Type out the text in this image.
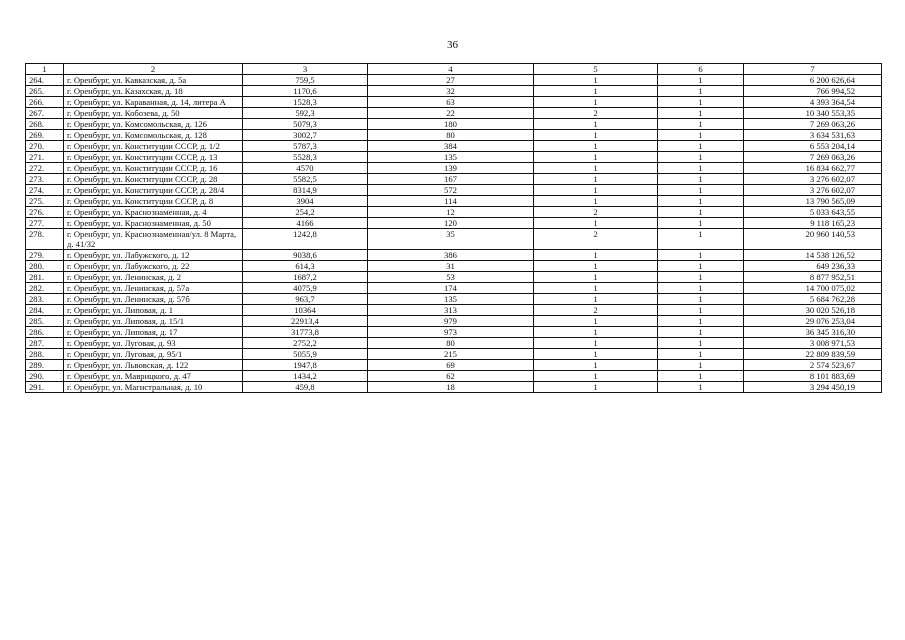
36
1	2	3	4	5	6	7
264.	г. Оренбург, ул. Кавказская, д. 5а	759,5	27	1	1	6 200 626,64
265.	г. Оренбург, ул. Казахская, д. 18	1170,6	32	1	1	766 994,52
266.	г. Оренбург, ул. Караванная, д. 14, литера А	1528,3	63	1	1	4 393 364,54
267.	г. Оренбург, ул. Кобозева, д. 50	592,3	22	2	1	10 340 553,35
268.	г. Оренбург, ул. Комсомольская, д. 126	5079,3	180	1	1	7 269 063,26
269.	г. Оренбург, ул. Комсомольская, д. 128	3002,7	80	1	1	3 634 531,63
270.	г. Оренбург, ул. Конституции СССР, д. 1/2	5787,3	384	1	1	6 553 204,14
271.	г. Оренбург, ул. Конституции СССР, д. 13	5528,3	135	1	1	7 269 063,26
272.	г. Оренбург, ул. Конституции СССР, д. 16	4570	139	1	1	16 834 662,77
273.	г. Оренбург, ул. Конституции СССР, д. 28	5582,5	167	1	1	3 276 602,07
274.	г. Оренбург, ул. Конституции СССР, д. 28/4	8314,9	572	1	1	3 276 602,07
275.	г. Оренбург, ул. Конституции СССР, д. 8	3904	114	1	1	13 790 565,09
276.	г. Оренбург, ул. Краснознаменная, д. 4	254,2	12	2	1	5 033 643,55
277.	г. Оренбург, ул. Краснознаменная, д. 50	4166	120	1	1	9 118 165,23
278.	г. Оренбург, ул. Краснознаменная/ул. 8 Марта, д. 41/32	1242,8	35	2	1	20 960 140,53
279.	г. Оренбург, ул. Лабужского, д. 12	9038,6	386	1	1	14 538 126,52
280.	г. Оренбург, ул. Лабужского, д. 22	614,3	31	1	1	649 236,33
281.	г. Оренбург, ул. Ленинская, д. 2	1687,2	53	1	1	8 877 952,51
282.	г. Оренбург, ул. Ленинская, д. 57а	4075,9	174	1	1	14 700 075,02
283.	г. Оренбург, ул. Ленинская, д. 57б	963,7	135	1	1	5 684 762,28
284.	г. Оренбург, ул. Липовая, д. 1	10364	313	2	1	30 020 526,18
285.	г. Оренбург, ул. Липовая, д. 15/1	22913,4	979	1	1	29 076 253,04
286.	г. Оренбург, ул. Липовая, д. 17	31773,8	973	1	1	36 345 316,30
287.	г. Оренбург, ул. Луговая, д. 93	2752,2	80	1	1	3 008 971,53
288.	г. Оренбург, ул. Луговая, д. 95/1	5055,9	215	1	1	22 809 839,59
289.	г. Оренбург, ул. Львовская, д. 122	1947,8	69	1	1	2 574 523,67
290.	г. Оренбург, ул. Маврицкого, д. 47	1434,2	62	1	1	8 101 883,69
291.	г. Оренбург, ул. Магистральная, д. 10	459,8	18	1	1	3 294 450,19
